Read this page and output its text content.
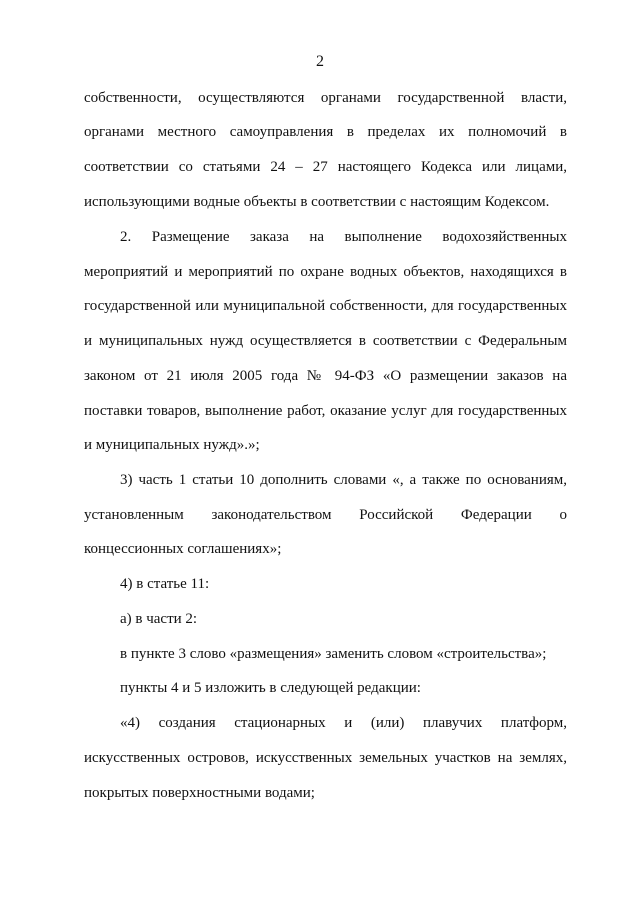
2
собственности, осуществляются органами государственной власти,
органами местного самоуправления в пределах их полномочий в
соответствии со статьями 24 – 27 настоящего Кодекса или лицами,
использующими водные объекты в соответствии с настоящим Кодексом.
2. Размещение заказа на выполнение водохозяйственных
мероприятий и мероприятий по охране водных объектов, находящихся в
государственной или муниципальной собственности, для государственных
и муниципальных нужд осуществляется в соответствии с Федеральным
законом от 21 июля 2005 года № 94-ФЗ «О размещении заказов на
поставки товаров, выполнение работ, оказание услуг для государственных
и муниципальных нужд».»;
3) часть 1 статьи 10 дополнить словами «, а также по основаниям,
установленным законодательством Российской Федерации о
концессионных соглашениях»;
4) в статье 11:
а) в части 2:
в пункте 3 слово «размещения» заменить словом «строительства»;
пункты 4 и 5 изложить в следующей редакции:
«4) создания стационарных и (или) плавучих платформ,
искусственных островов, искусственных земельных участков на землях,
покрытых поверхностными водами;
